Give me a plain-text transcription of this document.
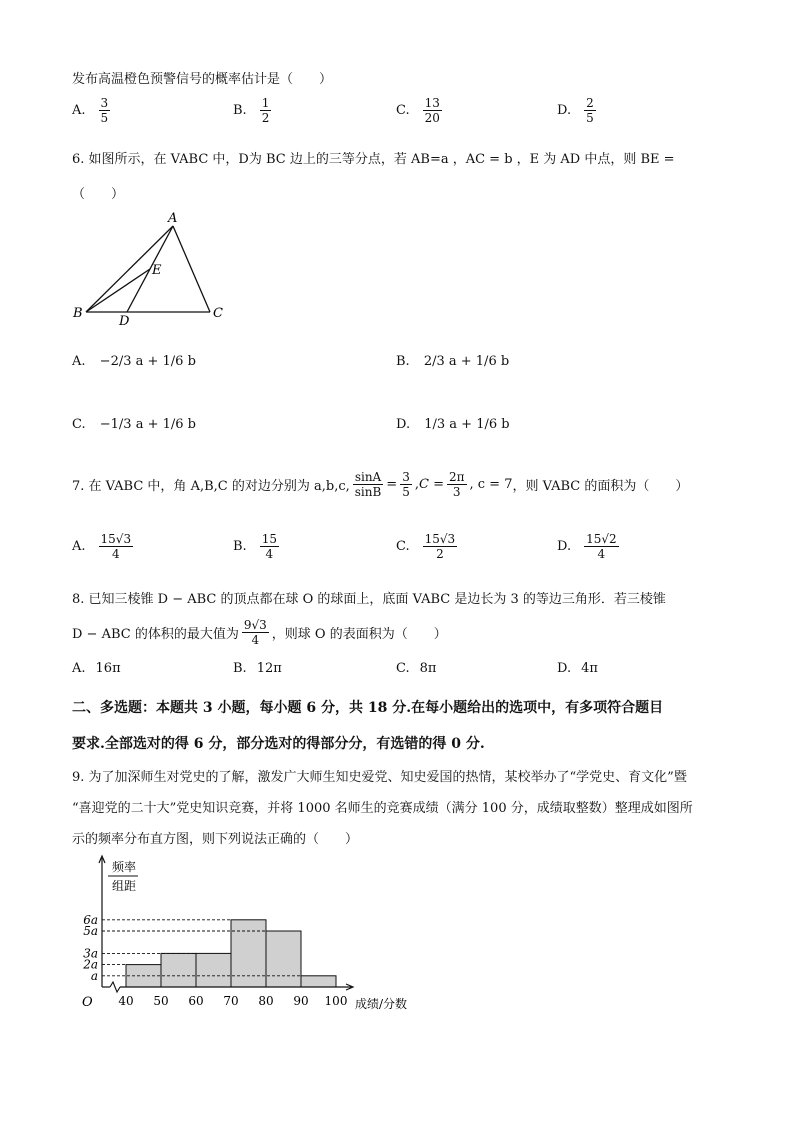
发布高温橙色预警信号的概率估计是（　　）
A. $\frac{3}{5}$	B. $\frac{1}{2}$	C. $\frac{13}{20}$	D. $\frac{2}{5}$
6. 如图所示，在 VABC 中，D为 BC 边上的三等分点，若 AB=a ，AC = b ，E 为 AD 中点，则 BE =
（　　）
A
B	C
D
E
A. −2/3 a + 1/6 b	B. 2/3 a + 1/6 b
C. −1/3 a + 1/6 b	D. 1/3 a + 1/6 b
7. 在 VABC 中，角 A,B,C 的对边分别为 a,b,c, $\frac{\sin A}{\sin B} = \frac{3}{5}$ , $C = \frac{2\pi}{3}$ , c = 7 ，则 VABC 的面积为（　　）
A. $\frac{15√3}{4}$	B. $\frac{15}{4}$	C. $\frac{15√3}{2}$	D. $\frac{15√2}{4}$
8. 已知三棱锥 D − ABC 的顶点都在球 O 的球面上，底面 VABC 是边长为 3 的等边三角形．若三棱锥
D − ABC 的体积的最大值为 $\frac{9√3}{4}$ ，则球 O 的表面积为（　　）
A. 16π	B. 12π	C. 8π	D. 4π
二、多选题：本题共 3 小题，每小题 6 分，共 18 分.在每小题给出的选项中，有多项符合题目
要求.全部选对的得 6 分，部分选对的得部分分，有选错的得 0 分.
9. 为了加深师生对党史的了解，激发广大师生知史爱党、知史爱国的热情，某校举办了“学党史、育文化”暨
“喜迎党的二十大”党史知识竞赛，并将 1000 名师生的竞赛成绩（满分 100 分，成绩取整数）整理成如图所
示的频率分布直方图，则下列说法正确的（　　）
a
2a
3a
5a
6a
40 50 60 70 80 90 100
O
频率
组距
成绩/分数
